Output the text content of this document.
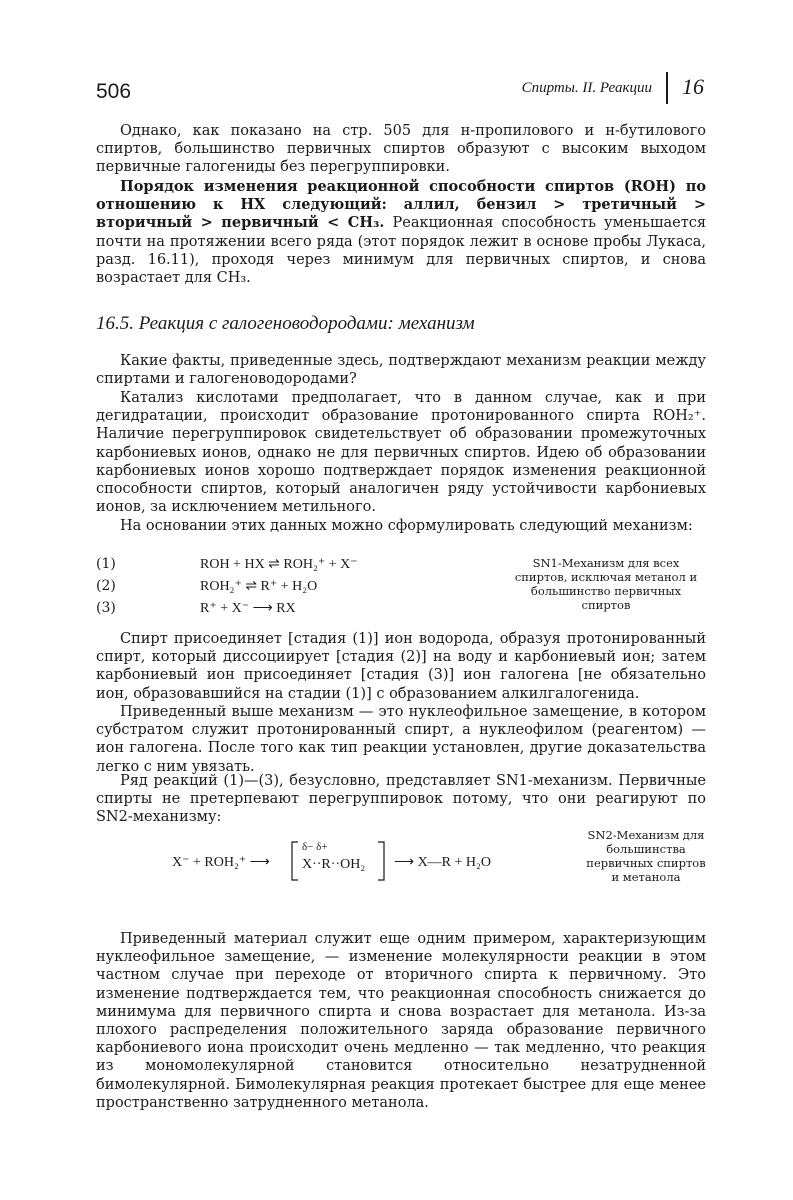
506	Спирты. II. Реакции 16

Однако, как показано на стр. 505 для н-пропилового и н-бутилового спиртов, большинство первичных спиртов образуют с высоким выходом первичные галогениды без перегруппировки.

Порядок изменения реакционной способности спиртов (ROH) по отношению к HX следующий: аллил, бензил > третичный > вторичный > первичный < CH₃. Реакционная способность уменьшается почти на протяжении всего ряда (этот порядок лежит в основе пробы Лукаса, разд. 16.11), проходя через минимум для первичных спиртов, и снова возрастает для CH₃.

16.5. Реакция с галогеноводородами: механизм

Какие факты, приведенные здесь, подтверждают механизм реакции между спиртами и галогеноводородами?

Катализ кислотами предполагает, что в данном случае, как и при дегидратации, происходит образование протонированного спирта ROH₂⁺. Наличие перегруппировок свидетельствует об образовании промежуточных карбониевых ионов, однако не для первичных спиртов. Идею об образовании карбониевых ионов хорошо подтверждает порядок изменения реакционной способности спиртов, который аналогичен ряду устойчивости карбониевых ионов, за исключением метильного.

На основании этих данных можно сформулировать следующий механизм:

(1)	ROH + HX ⇌ ROH₂⁺ + X⁻
(2)	ROH₂⁺ ⇌ R⁺ + H₂O
(3)	R⁺ + X⁻ ⟶ RX
SN1-Механизм для всех спиртов, исключая метанол и большинство первичных спиртов

Спирт присоединяет [стадия (1)] ион водорода, образуя протонированный спирт, который диссоциирует [стадия (2)] на воду и карбониевый ион; затем карбониевый ион присоединяет [стадия (3)] ион галогена [не обязательно ион, образовавшийся на стадии (1)] с образованием алкилгалогенида.

Приведенный выше механизм — это нуклеофильное замещение, в котором субстратом служит протонированный спирт, а нуклеофилом (реагентом) — ион галогена. После того как тип реакции установлен, другие доказательства легко с ним увязать.

Ряд реакций (1)—(3), безусловно, представляет SN1-механизм. Первичные спирты не претерпевают перегруппировок потому, что они реагируют по SN2-механизму:

X⁻ + ROH₂⁺ ⟶
δ− δ+
X··R··OH₂ ⟶ X—R + H₂O
SN2-Механизм для большинства первичных спиртов и метанола

Приведенный материал служит еще одним примером, характеризующим нуклеофильное замещение, — изменение молекулярности реакции в этом частном случае при переходе от вторичного спирта к первичному. Это изменение подтверждается тем, что реакционная способность снижается до минимума для первичного спирта и снова возрастает для метанола. Из-за плохого распределения положительного заряда образование первичного карбониевого иона происходит очень медленно — так медленно, что реакция из мономолекулярной становится относительно незатрудненной бимолекулярной. Бимолекулярная реакция протекает быстрее для еще менее пространственно затрудненного метанола.
